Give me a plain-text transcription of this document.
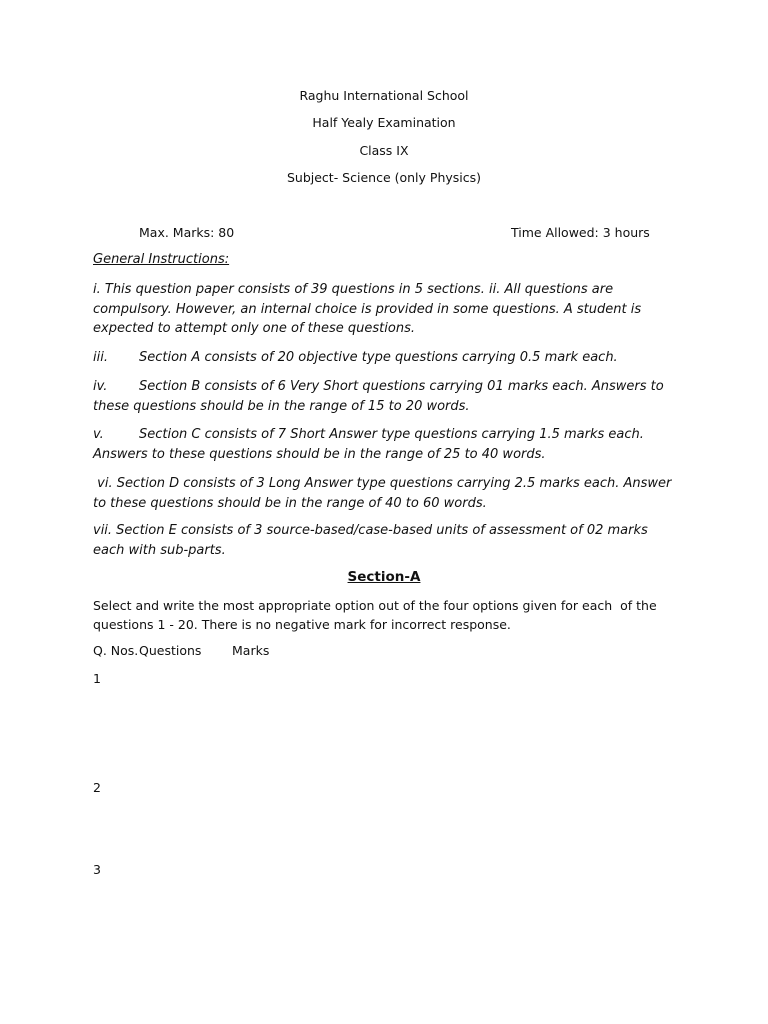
Raghu International School
Half Yealy Examination
Class IX
Subject- Science (only Physics)
Max. Marks: 80	Time Allowed: 3 hours
General Instructions:
i. This question paper consists of 39 questions in 5 sections. ii. All questions are compulsory. However, an internal choice is provided in some questions. A student is expected to attempt only one of these questions.
iii. Section A consists of 20 objective type questions carrying 0.5 mark each.
iv. Section B consists of 6 Very Short questions carrying 01 marks each. Answers to these questions should be in the range of 15 to 20 words.
v.	Section C consists of 7 Short Answer type questions carrying 1.5 marks each. Answers to these questions should be in the range of 25 to 40 words.
vi. Section D consists of 3 Long Answer type questions carrying 2.5 marks each. Answer to these questions should be in the range of 40 to 60 words.
vii. Section E consists of 3 source-based/case-based units of assessment of 02 marks each with sub-parts.
Section-A
Select and write the most appropriate option out of the four options given for each  of the questions 1 - 20. There is no negative mark for incorrect response.
Q. Nos. Questions Marks
1
2
3
